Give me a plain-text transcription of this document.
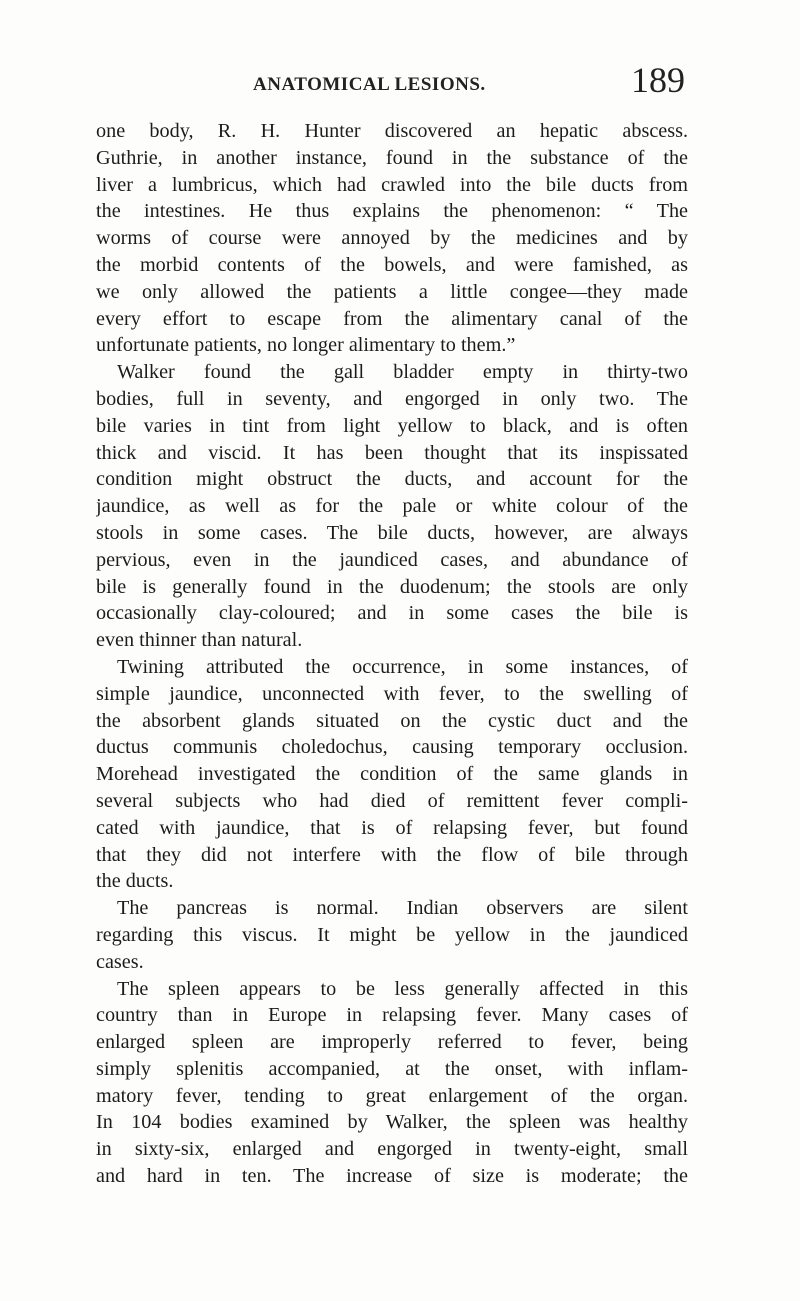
ANATOMICAL LESIONS.	189
one body, R. H. Hunter discovered an hepatic abscess.
Guthrie, in another instance, found in the substance of the
liver a lumbricus, which had crawled into the bile ducts from
the intestines. He thus explains the phenomenon: “ The
worms of course were annoyed by the medicines and by
the morbid contents of the bowels, and were famished, as
we only allowed the patients a little congee—they made
every effort to escape from the alimentary canal of the
unfortunate patients, no longer alimentary to them.”
Walker found the gall bladder empty in thirty-two
bodies, full in seventy, and engorged in only two. The
bile varies in tint from light yellow to black, and is often
thick and viscid. It has been thought that its inspissated
condition might obstruct the ducts, and account for the
jaundice, as well as for the pale or white colour of the
stools in some cases. The bile ducts, however, are always
pervious, even in the jaundiced cases, and abundance of
bile is generally found in the duodenum; the stools are only
occasionally clay-coloured; and in some cases the bile is
even thinner than natural.
Twining attributed the occurrence, in some instances, of
simple jaundice, unconnected with fever, to the swelling of
the absorbent glands situated on the cystic duct and the
ductus communis choledochus, causing temporary occlusion.
Morehead investigated the condition of the same glands in
several subjects who had died of remittent fever compli-
cated with jaundice, that is of relapsing fever, but found
that they did not interfere with the flow of bile through
the ducts.
The pancreas is normal. Indian observers are silent
regarding this viscus. It might be yellow in the jaundiced
cases.
The spleen appears to be less generally affected in this
country than in Europe in relapsing fever. Many cases of
enlarged spleen are improperly referred to fever, being
simply splenitis accompanied, at the onset, with inflam-
matory fever, tending to great enlargement of the organ.
In 104 bodies examined by Walker, the spleen was healthy
in sixty-six, enlarged and engorged in twenty-eight, small
and hard in ten. The increase of size is moderate; the
